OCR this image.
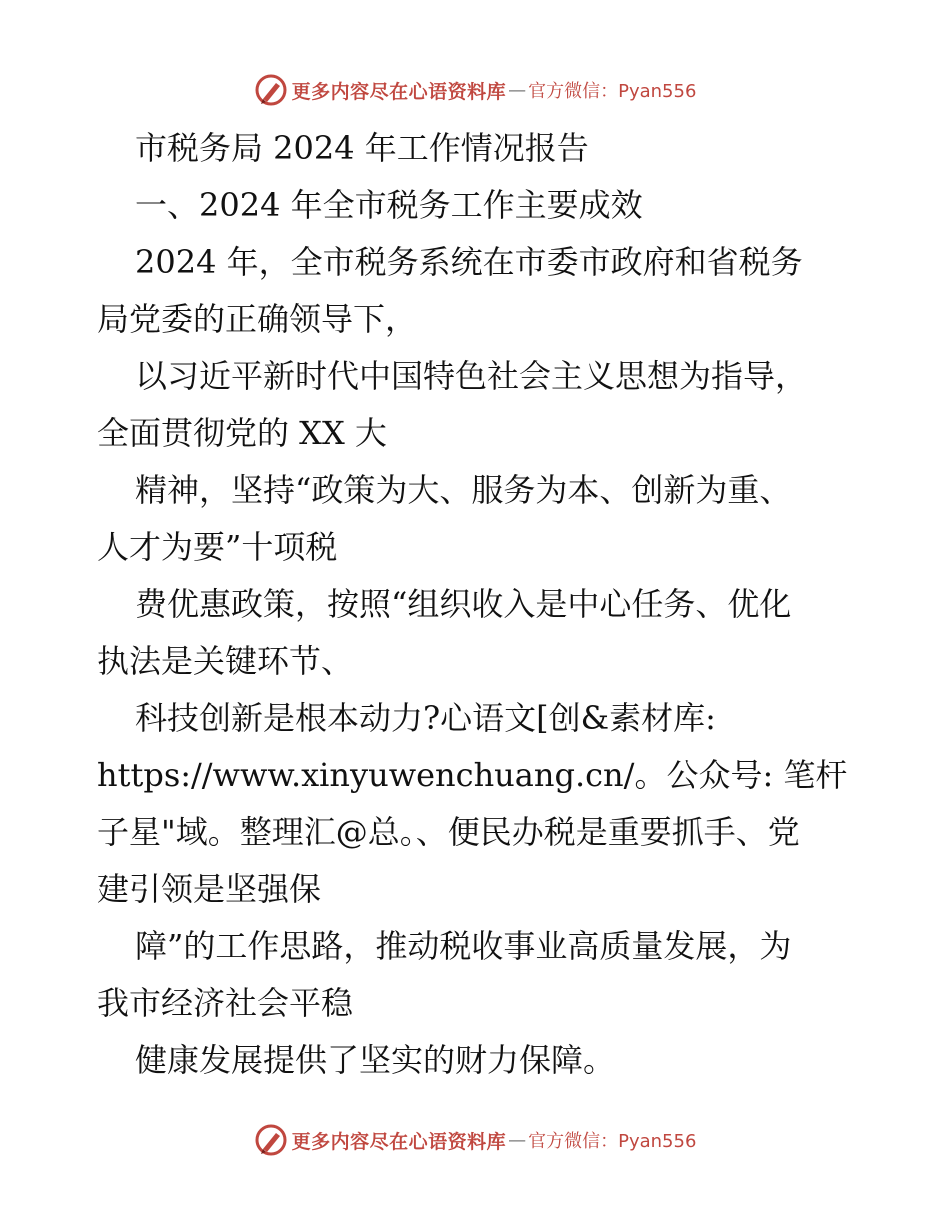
更多内容尽在心语资料库 — 官方微信：Pyan556
市税务局 2024 年工作情况报告
一、2024 年全市税务工作主要成效
2024 年，全市税务系统在市委市政府和省税务
局党委的正确领导下，
以习近平新时代中国特色社会主义思想为指导，
全面贯彻党的 XX 大
精神，坚持“政策为大、服务为本、创新为重、
人才为要”十项税
费优惠政策，按照“组织收入是中心任务、优化
执法是关键环节、
科技创新是根本动力?心语文[创&素材库:
https://www.xinyuwenchuang.cn/。公众号: 笔杆
子星"域。整理汇@总。、便民办税是重要抓手、党
建引领是坚强保
障”的工作思路，推动税收事业高质量发展，为
我市经济社会平稳
健康发展提供了坚实的财力保障。
更多内容尽在心语资料库 — 官方微信：Pyan556
